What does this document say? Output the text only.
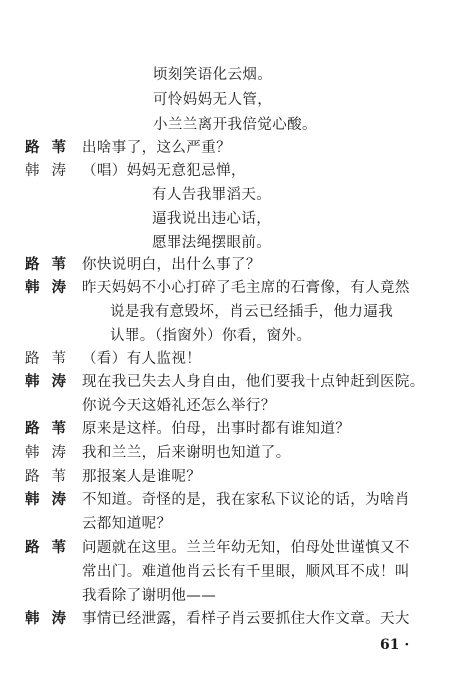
顷刻笑语化云烟。
可怜妈妈无人管，
小兰兰离开我倍觉心酸。
路苇 出啥事了，这么严重？
韩涛 （唱）妈妈无意犯忌惮，
有人告我罪滔天。
逼我说出违心话，
愿罪法绳摆眼前。
路苇 你快说明白，出什么事了？
韩涛 昨天妈妈不小心打碎了毛主席的石膏像，有人竟然
说是我有意毁坏，肖云已经插手，他力逼我
认罪。（指窗外）你看，窗外。
路苇 （看）有人监视！
韩涛 现在我已失去人身自由，他们要我十点钟赶到医院。
你说今天这婚礼还怎么举行？
路苇 原来是这样。伯母，出事时都有谁知道？
韩涛 我和兰兰，后来谢明也知道了。
路苇 那报案人是谁呢？
韩涛 不知道。奇怪的是，我在家私下议论的话，为啥肖
云都知道呢？
路苇 问题就在这里。兰兰年幼无知，伯母处世谨慎又不
常出门。难道他肖云长有千里眼，顺风耳不成！叫
我看除了谢明他——
韩涛 事情已经泄露，看样子肖云要抓住大作文章。天大
61 ·
